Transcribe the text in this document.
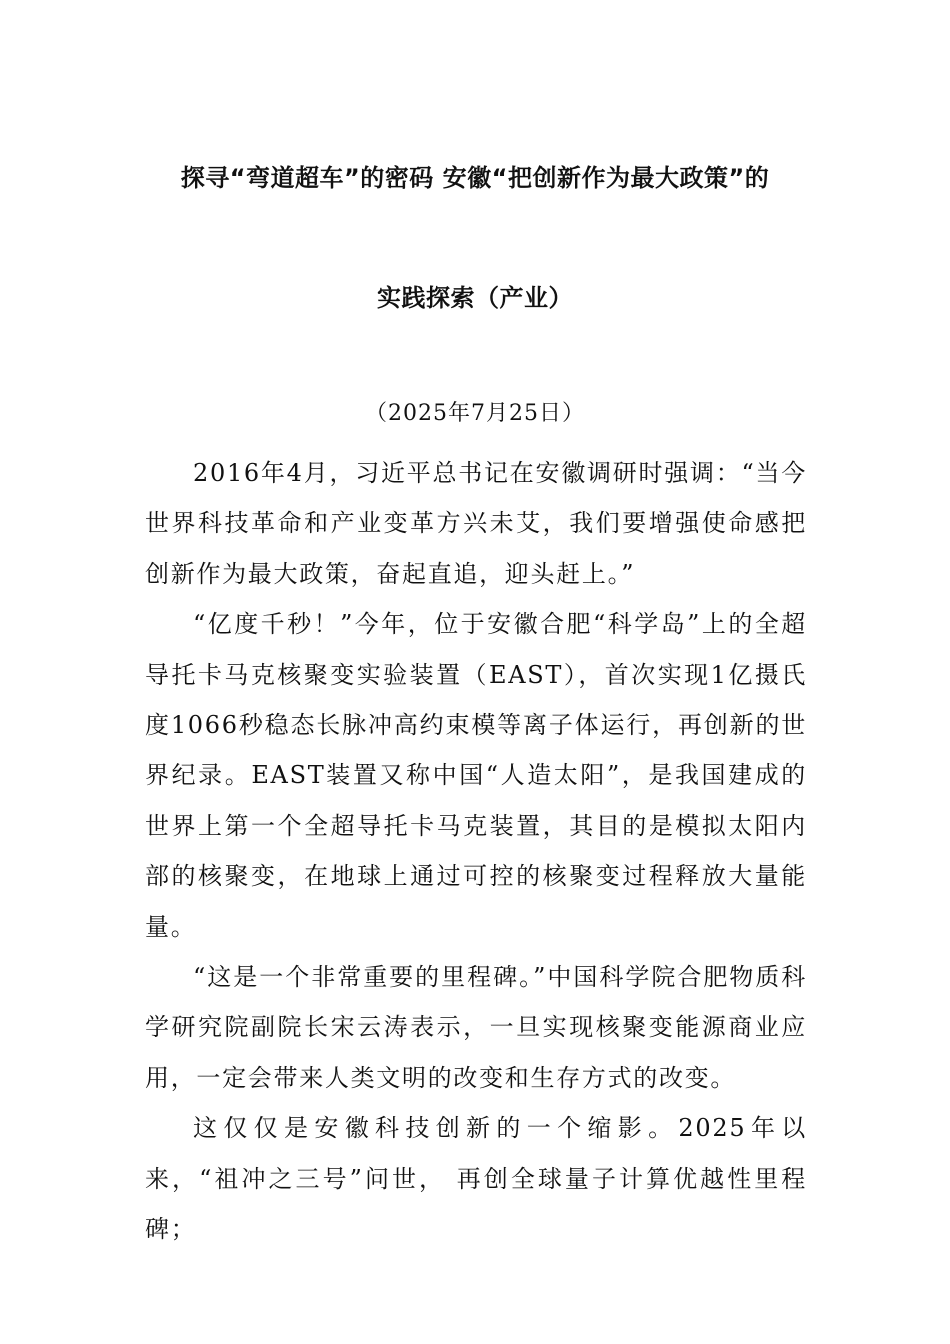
探寻“弯道超车”的密码 安徽“把创新作为最大政策”的
实践探索（产业）
（2025年7月25日）

2016年4月，习近平总书记在安徽调研时强调：“当今世界科技革命和产业变革方兴未艾，我们要增强使命感把创新作为最大政策，奋起直追，迎头赶上。”

“亿度千秒！”今年，位于安徽合肥“科学岛”上的全超导托卡马克核聚变实验装置（EAST），首次实现1亿摄氏度1066秒稳态长脉冲高约束模等离子体运行，再创新的世界纪录。EAST装置又称中国“人造太阳”，是我国建成的世界上第一个全超导托卡马克装置，其目的是模拟太阳内部的核聚变，在地球上通过可控的核聚变过程释放大量能量。

“这是一个非常重要的里程碑。”中国科学院合肥物质科学研究院副院长宋云涛表示，一旦实现核聚变能源商业应用，一定会带来人类文明的改变和生存方式的改变。

这仅仅是安徽科技创新的一个缩影。2025年以来，“祖冲之三号”问世， 再创全球量子计算优越性里程碑；
